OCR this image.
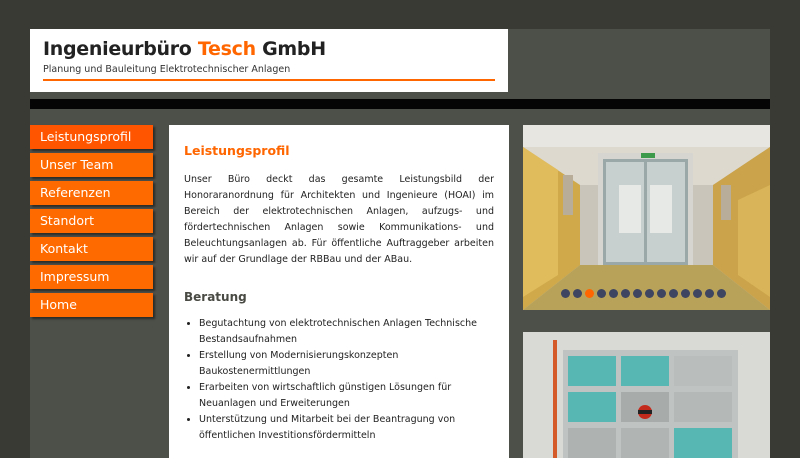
Ingenieurbüro Tesch GmbH
Planung und Bauleitung Elektrotechnischer Anlagen
Leistungsprofil
Unser Team
Referenzen
Standort
Kontakt
Impressum
Home
Leistungsprofil

Unser Büro deckt das gesamte Leistungsbild der Honoraranordnung für Architekten und Ingenieure (HOAI) im Bereich der elektrotechnischen Anlagen, aufzugs- und fördertechnischen Anlagen sowie Kommunikations- und Beleuchtungsanlagen ab. Für öffentliche Auftraggeber arbeiten wir auf der Grundlage der RBBau und der ABau.

Beratung
• Begutachtung von elektrotechnischen Anlagen Technische Bestandsaufnahmen
• Erstellung von Modernisierungskonzepten Baukostenermittlungen
• Erarbeiten von wirtschaftlich günstigen Lösungen für Neuanlagen und Erweiterungen
• Unterstützung und Mitarbeit bei der Beantragung von öffentlichen Investitionsfördermitteln
